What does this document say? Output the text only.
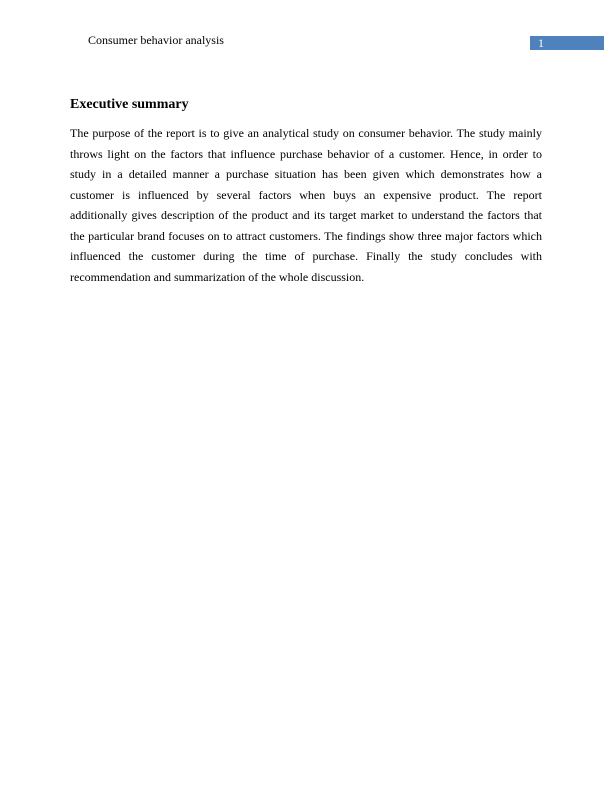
Consumer behavior analysis	1
Executive summary

The purpose of the report is to give an analytical study on consumer behavior. The study mainly throws light on the factors that influence purchase behavior of a customer. Hence, in order to study in a detailed manner a purchase situation has been given which demonstrates how a customer is influenced by several factors when buys an expensive product. The report additionally gives description of the product and its target market to understand the factors that the particular brand focuses on to attract customers. The findings show three major factors which influenced the customer during the time of purchase. Finally the study concludes with recommendation and summarization of the whole discussion.
